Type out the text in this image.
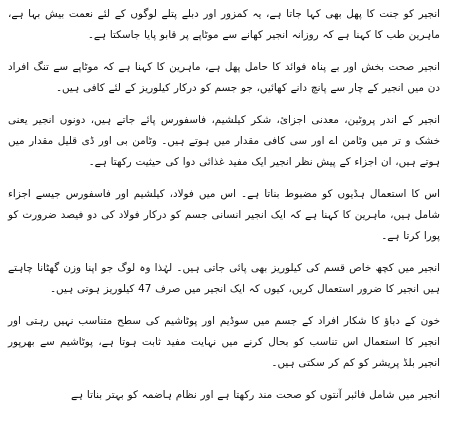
انجیر کو جنت کا پھل بھی کہا جاتا ہے، یہ کمزور اور دبلے پتلے لوگوں کے لئے نعمت بیش بہا ہے، ماہرین طب کا کہنا ہے کہ روزانہ انجیر کھانے سے موٹاپے پر قابو پایا جاسکتا ہے۔

انجیر صحت بخش اور بے پناہ فوائد کا حامل پھل ہے، ماہرین کا کہنا ہے کہ موٹاپے سے تنگ افراد دن میں انجیر کے چار سے پانچ دانے کھائیں، جو جسم کو درکار کیلوریز کے لئے کافی ہیں۔

انجیر کے اندر پروٹین، معدنی اجزائ، شکر کیلشیم، فاسفورس پائے جاتے ہیں، دونوں انجیر یعنی خشک و تر میں وٹامن اے اور سی کافی مقدار میں ہوتے ہیں۔ وٹامن بی اور ڈی قلیل مقدار میں ہوتے ہیں، ان اجزاء کے پیش نظر انجیر ایک مفید غذائی دوا کی حیثیت رکھتا ہے۔

اس کا استعمال ہڈیوں کو مضبوط بناتا ہے۔ اس میں فولاد، کیلشیم اور فاسفورس جیسے اجزاء شامل ہیں، ماہرین کا کہنا ہے کہ ایک انجیر انسانی جسم کو درکار فولاد کی دو فیصد ضرورت کو پورا کرتا ہے۔

انجیر میں کچھ خاص قسم کی کیلوریز بھی پائی جاتی ہیں۔ لہٰذا وہ لوگ جو اپنا وزن گھٹانا چاہتے ہیں انجیر کا ضرور استعمال کریں، کیوں کہ ایک انجیر میں صرف 47 کیلوریز ہوتی ہیں۔

خون کے دباؤ کا شکار افراد کے جسم میں سوڈیم اور پوٹاشیم کی سطح متناسب نہیں رہتی اور انجیر کا استعمال اس تناسب کو بحال کرنے میں نہایت مفید ثابت ہوتا ہے، پوٹاشیم سے بھرپور انجیر بلڈ پریشر کو کم کر سکتی ہیں۔

انجیر میں شامل فائبر آنتوں کو صحت مند رکھتا ہے اور نظام ہاضمہ کو بہتر بناتا ہے
